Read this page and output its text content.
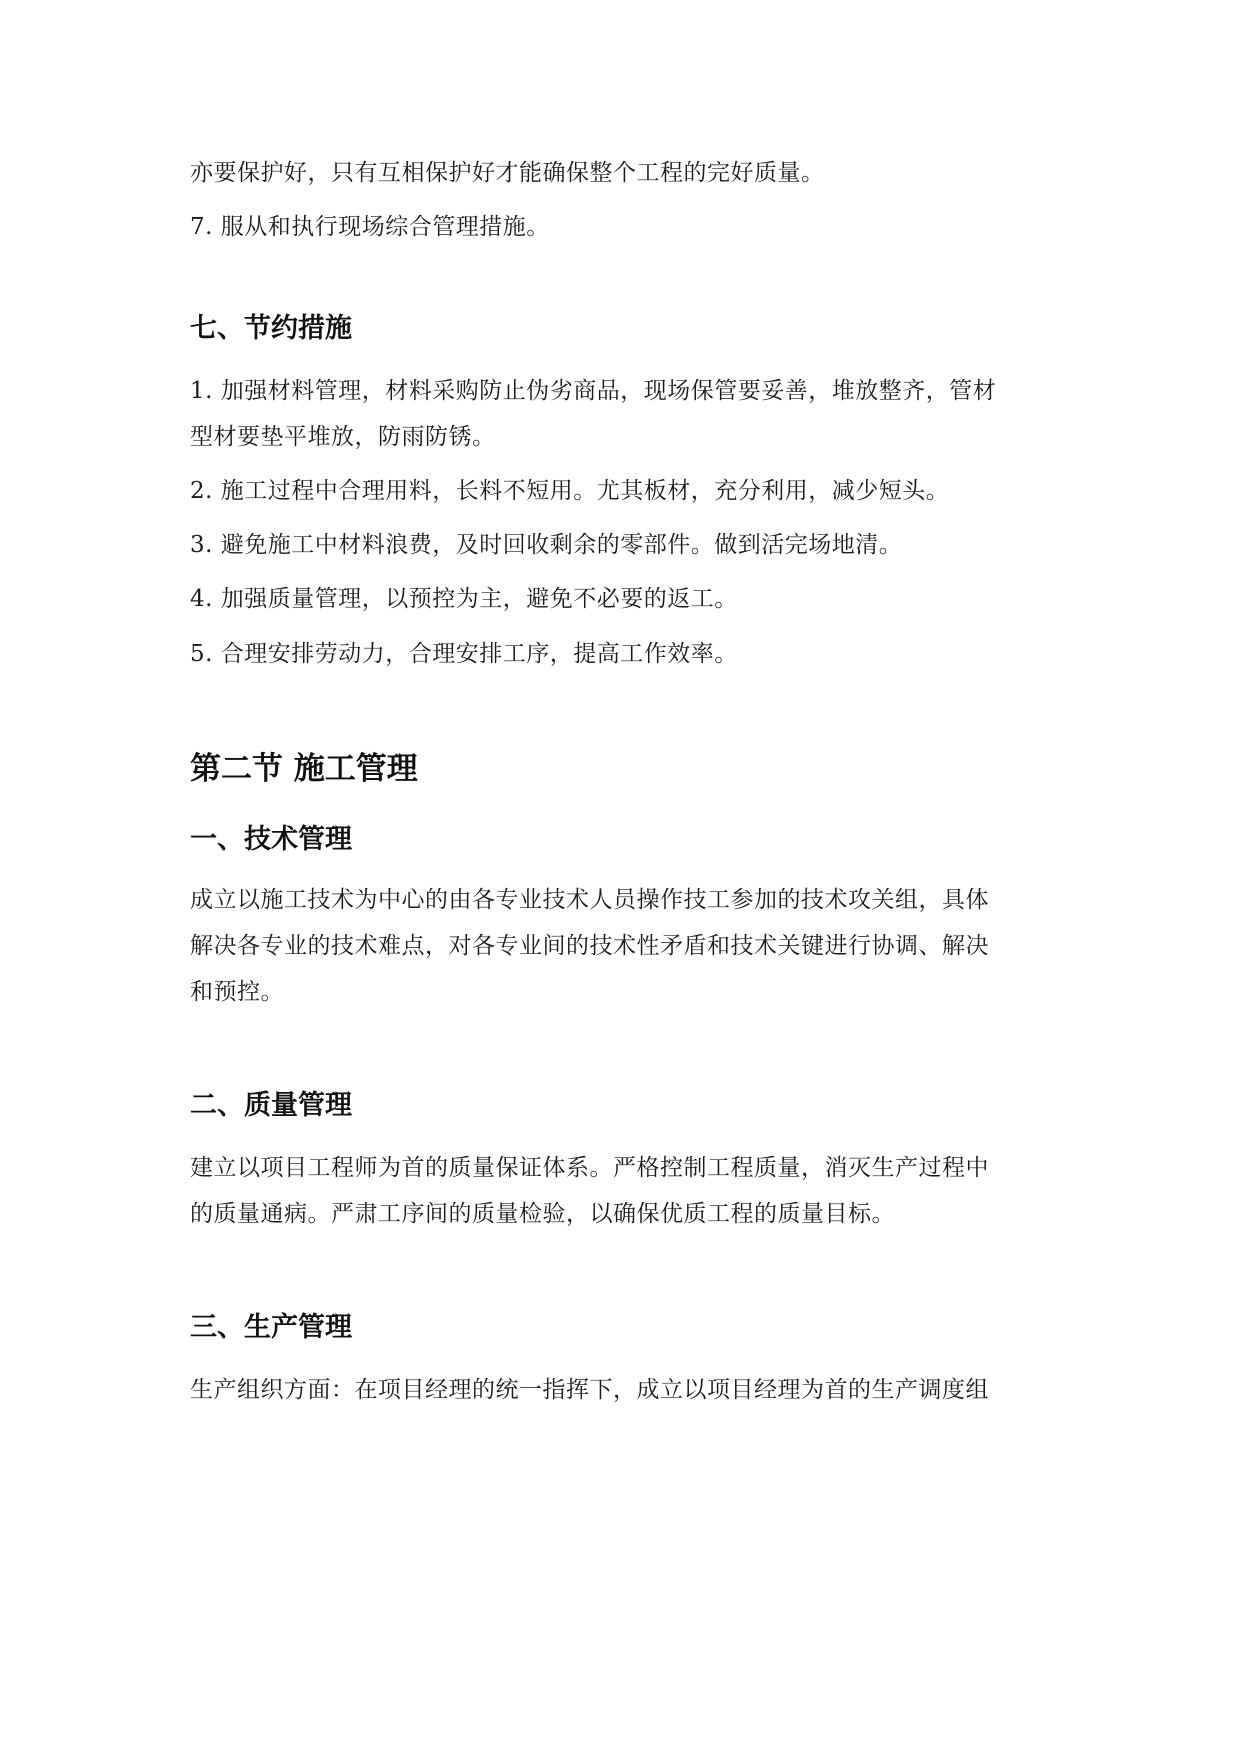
亦要保护好，只有互相保护好才能确保整个工程的完好质量。
7. 服从和执行现场综合管理措施。
七、节约措施
1. 加强材料管理，材料采购防止伪劣商品，现场保管要妥善，堆放整齐，管材
型材要垫平堆放，防雨防锈。
2. 施工过程中合理用料，长料不短用。尤其板材，充分利用，减少短头。
3. 避免施工中材料浪费，及时回收剩余的零部件。做到活完场地清。
4. 加强质量管理，以预控为主，避免不必要的返工。
5. 合理安排劳动力，合理安排工序，提高工作效率。
第二节 施工管理
一、技术管理
成立以施工技术为中心的由各专业技术人员操作技工参加的技术攻关组，具体
解决各专业的技术难点，对各专业间的技术性矛盾和技术关键进行协调、解决
和预控。
二、质量管理
建立以项目工程师为首的质量保证体系。严格控制工程质量，消灭生产过程中
的质量通病。严肃工序间的质量检验，以确保优质工程的质量目标。
三、生产管理
生产组织方面：在项目经理的统一指挥下，成立以项目经理为首的生产调度组
